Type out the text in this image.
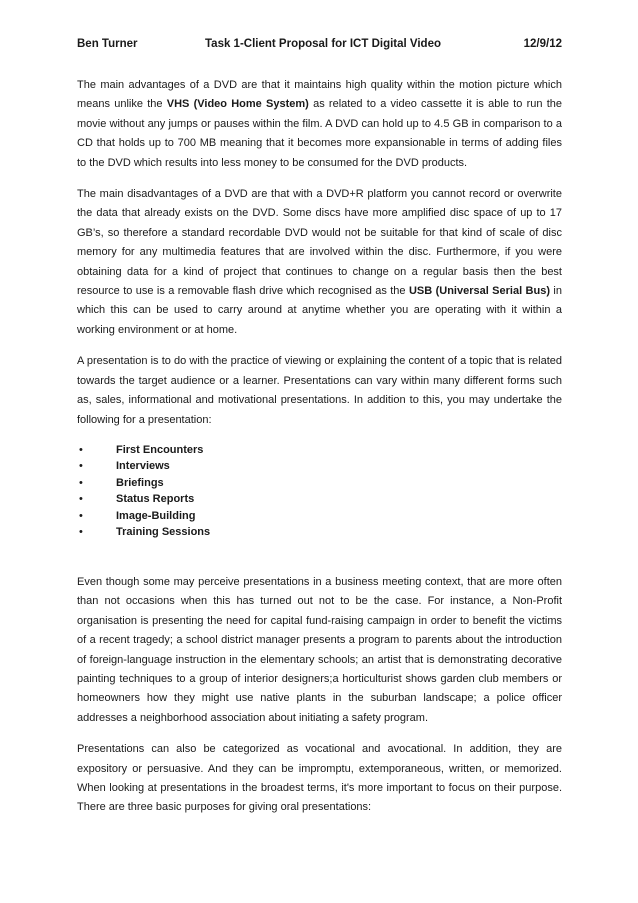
Ben Turner	Task 1-Client Proposal for ICT Digital Video	12/9/12

The main advantages of a DVD are that it maintains high quality within the motion picture which means unlike the VHS (Video Home System) as related to a video cassette it is able to run the movie without any jumps or pauses within the film. A DVD can hold up to 4.5 GB in comparison to a CD that holds up to 700 MB meaning that it becomes more expansionable in terms of adding files to the DVD which results into less money to be consumed for the DVD products.

The main disadvantages of a DVD are that with a DVD+R platform you cannot record or overwrite the data that already exists on the DVD. Some discs have more amplified disc space of up to 17 GB’s, so therefore a standard recordable DVD would not be suitable for that kind of scale of disc memory for any multimedia features that are involved within the disc. Furthermore, if you were obtaining data for a kind of project that continues to change on a regular basis then the best resource to use is a removable flash drive which recognised as the USB (Universal Serial Bus) in which this can be used to carry around at anytime whether you are operating with it within a working environment or at home.

A presentation is to do with the practice of viewing or explaining the content of a topic that is related towards the target audience or a learner. Presentations can vary within many different forms such as, sales, informational and motivational presentations. In addition to this, you may undertake the following for a presentation:

•	First Encounters
•	Interviews
•	Briefings
•	Status Reports
•	Image-Building
•	Training Sessions

Even though some may perceive presentations in a business meeting context, that are more often than not occasions when this has turned out not to be the case. For instance, a Non-Profit organisation is presenting the need for capital fund-raising campaign in order to benefit the victims of a recent tragedy; a school district manager presents a program to parents about the introduction of foreign-language instruction in the elementary schools; an artist that is demonstrating decorative painting techniques to a group of interior designers;a horticulturist shows garden club members or homeowners how they might use native plants in the suburban landscape; a police officer addresses a neighborhood association about initiating a safety program.

Presentations can also be categorized as vocational and avocational. In addition, they are expository or persuasive. And they can be impromptu, extemporaneous, written, or memorized. When looking at presentations in the broadest terms, it's more important to focus on their purpose. There are three basic purposes for giving oral presentations:
